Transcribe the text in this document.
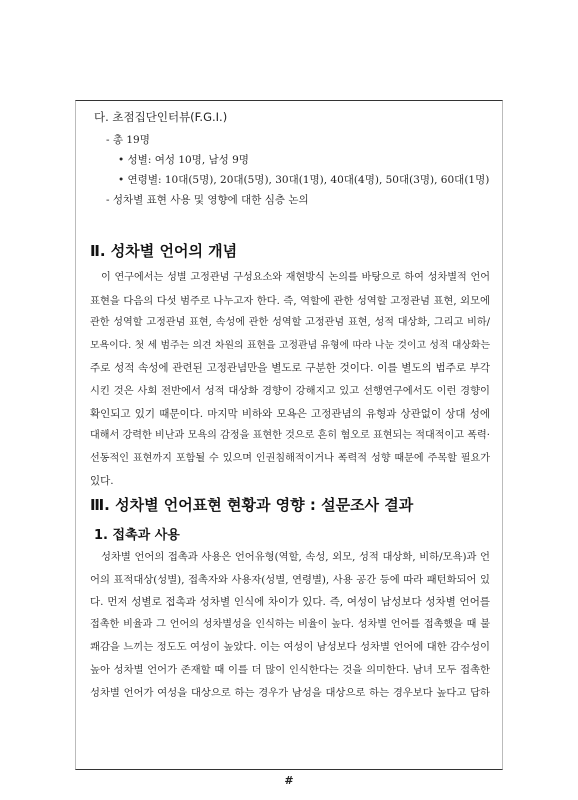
다. 초점집단인터뷰(F.G.I.)
- 총 19명
• 성별: 여성 10명, 남성 9명
• 연령별: 10대(5명), 20대(5명), 30대(1명), 40대(4명), 50대(3명), 60대(1명)
- 성차별 표현 사용 및 영향에 대한 심층 논의
Ⅱ. 성차별 언어의 개념
이 연구에서는 성별 고정관념 구성요소와 재현방식 논의를 바탕으로 하여 성차별적 언어
표현을 다음의 다섯 범주로 나누고자 한다. 즉, 역할에 관한 성역할 고정관념 표현, 외모에
관한 성역할 고정관념 표현, 속성에 관한 성역할 고정관념 표현, 성적 대상화, 그리고 비하/
모욕이다. 첫 세 범주는 의견 차원의 표현을 고정관념 유형에 따라 나눈 것이고 성적 대상화는
주로 성적 속성에 관련된 고정관념만을 별도로 구분한 것이다. 이를 별도의 범주로 부각
시킨 것은 사회 전반에서 성적 대상화 경향이 강해지고 있고 선행연구에서도 이런 경향이
확인되고 있기 때문이다. 마지막 비하와 모욕은 고정관념의 유형과 상관없이 상대 성에
대해서 강력한 비난과 모욕의 감정을 표현한 것으로 흔히 혐오로 표현되는 적대적이고 폭력·
선동적인 표현까지 포함될 수 있으며 인권침해적이거나 폭력적 성향 때문에 주목할 필요가
있다.
Ⅲ. 성차별 언어표현 현황과 영향 : 설문조사 결과
1. 접촉과 사용
성차별 언어의 접촉과 사용은 언어유형(역할, 속성, 외모, 성적 대상화, 비하/모욕)과 언
어의 표적대상(성별), 접촉자와 사용자(성별, 연령별), 사용 공간 등에 따라 패턴화되어 있
다. 먼저 성별로 접촉과 성차별 인식에 차이가 있다. 즉, 여성이 남성보다 성차별 언어를
접촉한 비율과 그 언어의 성차별성을 인식하는 비율이 높다. 성차별 언어를 접촉했을 때 불
쾌감을 느끼는 정도도 여성이 높았다. 이는 여성이 남성보다 성차별 언어에 대한 감수성이
높아 성차별 언어가 존재할 때 이를 더 많이 인식한다는 것을 의미한다. 남녀 모두 접촉한
성차별 언어가 여성을 대상으로 하는 경우가 남성을 대상으로 하는 경우보다 높다고 답하
#
